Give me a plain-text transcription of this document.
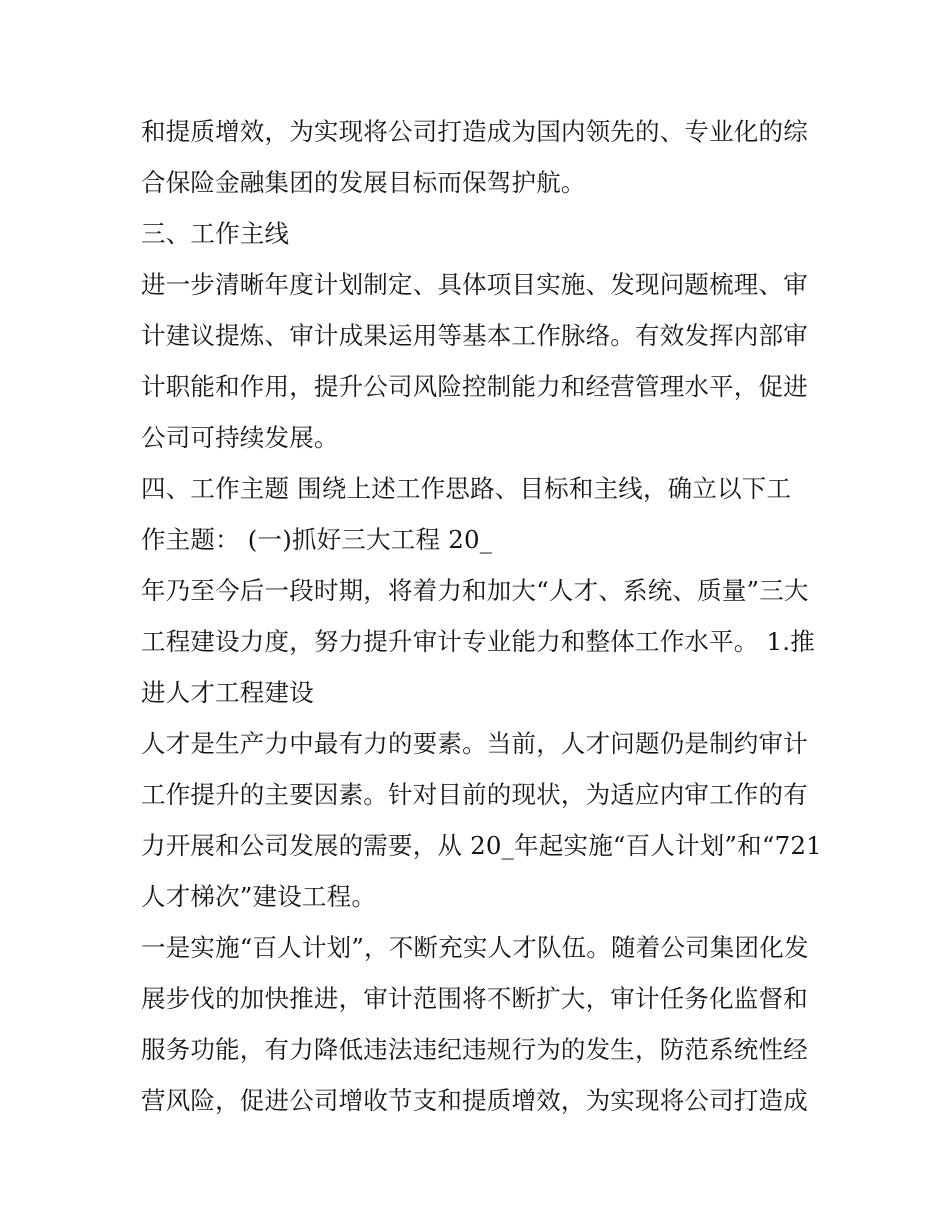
和提质增效，为实现将公司打造成为国内领先的、专业化的综
合保险金融集团的发展目标而保驾护航。
三、工作主线
进一步清晰年度计划制定、具体项目实施、发现问题梳理、审
计建议提炼、审计成果运用等基本工作脉络。有效发挥内部审
计职能和作用，提升公司风险控制能力和经营管理水平，促进
公司可持续发展。
四、工作主题 围绕上述工作思路、目标和主线，确立以下工
作主题： (一)抓好三大工程 20_
年乃至今后一段时期，将着力和加大“人才、系统、质量”三大
工程建设力度，努力提升审计专业能力和整体工作水平。 1.推
进人才工程建设
人才是生产力中最有力的要素。当前，人才问题仍是制约审计
工作提升的主要因素。针对目前的现状，为适应内审工作的有
力开展和公司发展的需要，从 20_年起实施“百人计划”和“721
人才梯次”建设工程。
一是实施“百人计划”，不断充实人才队伍。随着公司集团化发
展步伐的加快推进，审计范围将不断扩大，审计任务化监督和
服务功能，有力降低违法违纪违规行为的发生，防范系统性经
营风险，促进公司增收节支和提质增效，为实现将公司打造成
